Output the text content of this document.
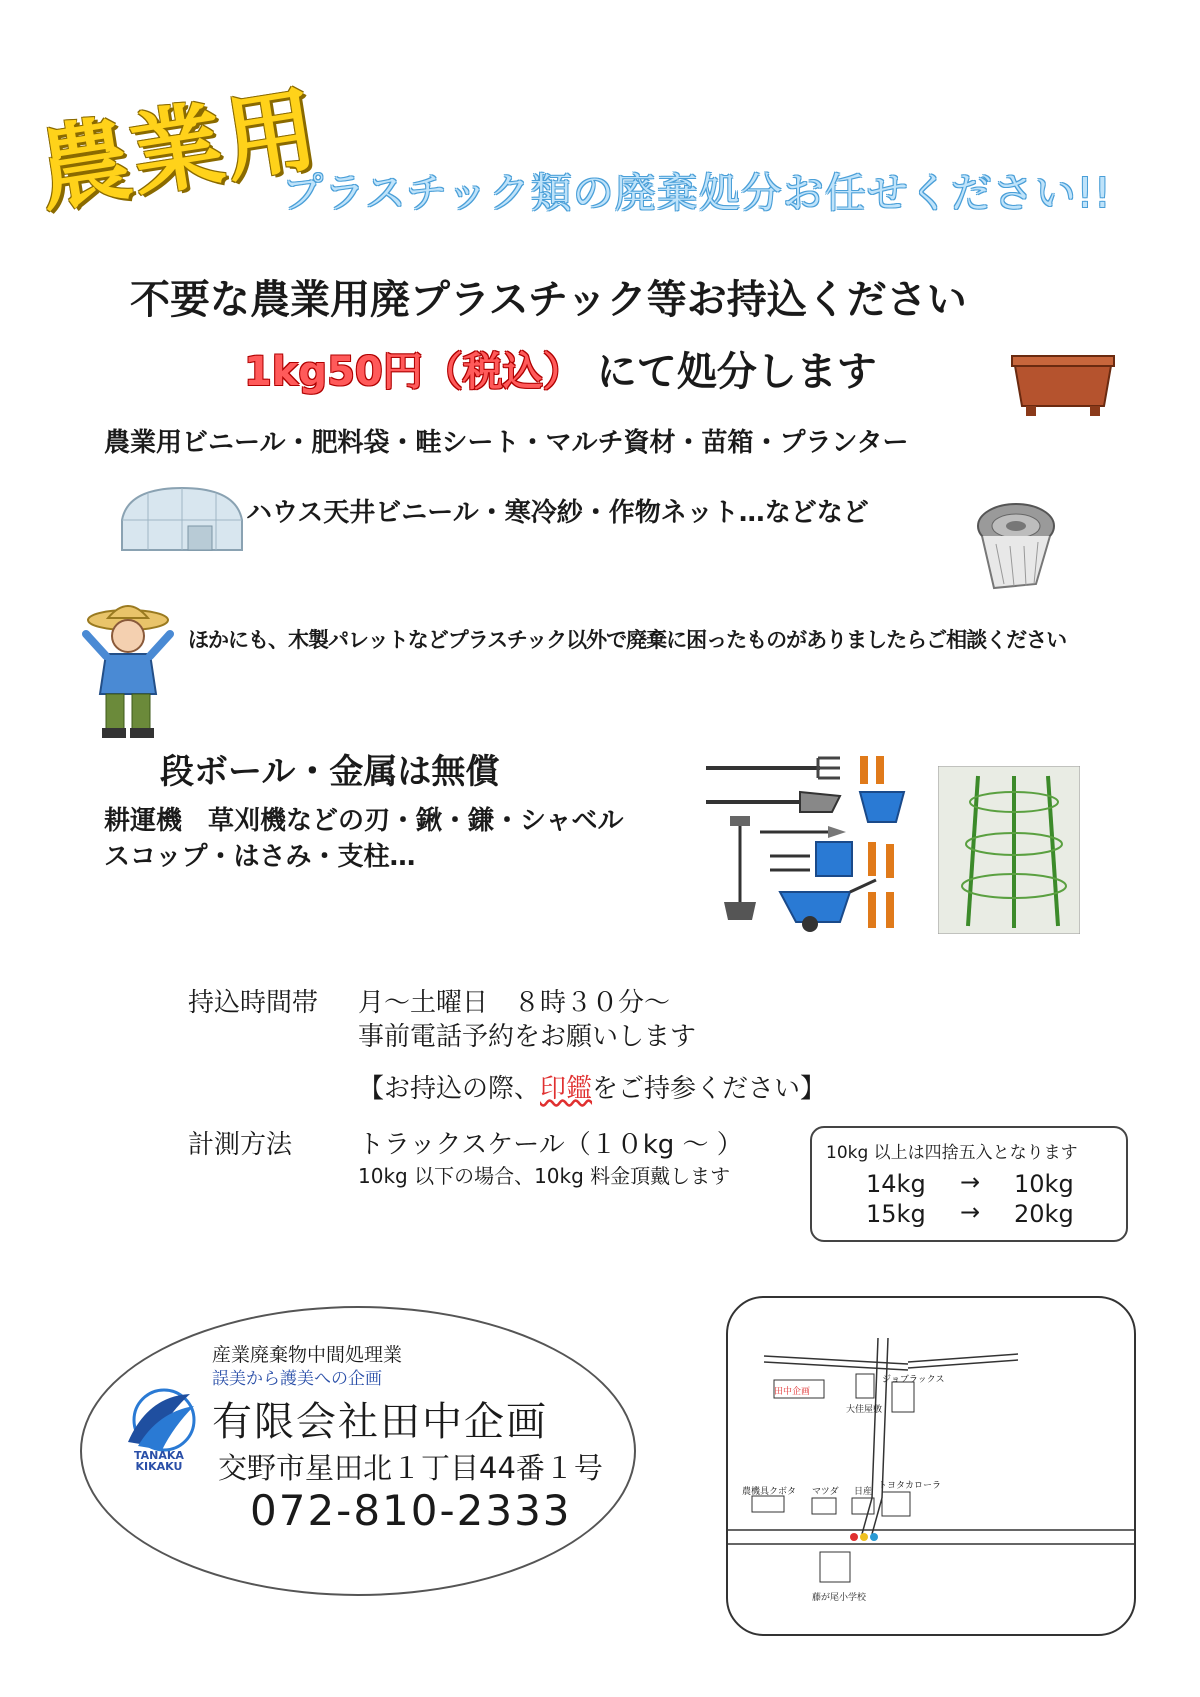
農業用
プラスチック類の廃棄処分お任せください!!
不要な農業用廃プラスチック等お持込ください
1kg50円（税込） にて処分します
農業用ビニール・肥料袋・畦シート・マルチ資材・苗箱・プランター
ハウス天井ビニール・寒冷紗・作物ネット…などなど
ほかにも、木製パレットなどプラスチック以外で廃棄に困ったものがありましたらご相談ください
段ボール・金属は無償
耕運機　草刈機などの刃・鍬・鎌・シャベル
スコップ・はさみ・支柱…
持込時間帯 月〜土曜日　８時３０分〜
事前電話予約をお願いします
【お持込の際、印鑑をご持参ください】
計測方法	トラックスケール（１０kg ～ ）
10kg 以下の場合、10kg 料金頂戴します
10kg 以上は四捨五入となります
14kg → 10kg
15kg → 20kg
TANAKA
KIKAKU
産業廃棄物中間処理業
誤美から護美への企画
有限会社田中企画
交野市星田北１丁目44番１号
072-810-2333
田中企画
ジョブラックス
大佳屋敷
農機具クボタ マツダ 日産
トヨタカローラ
藤が尾小学校
